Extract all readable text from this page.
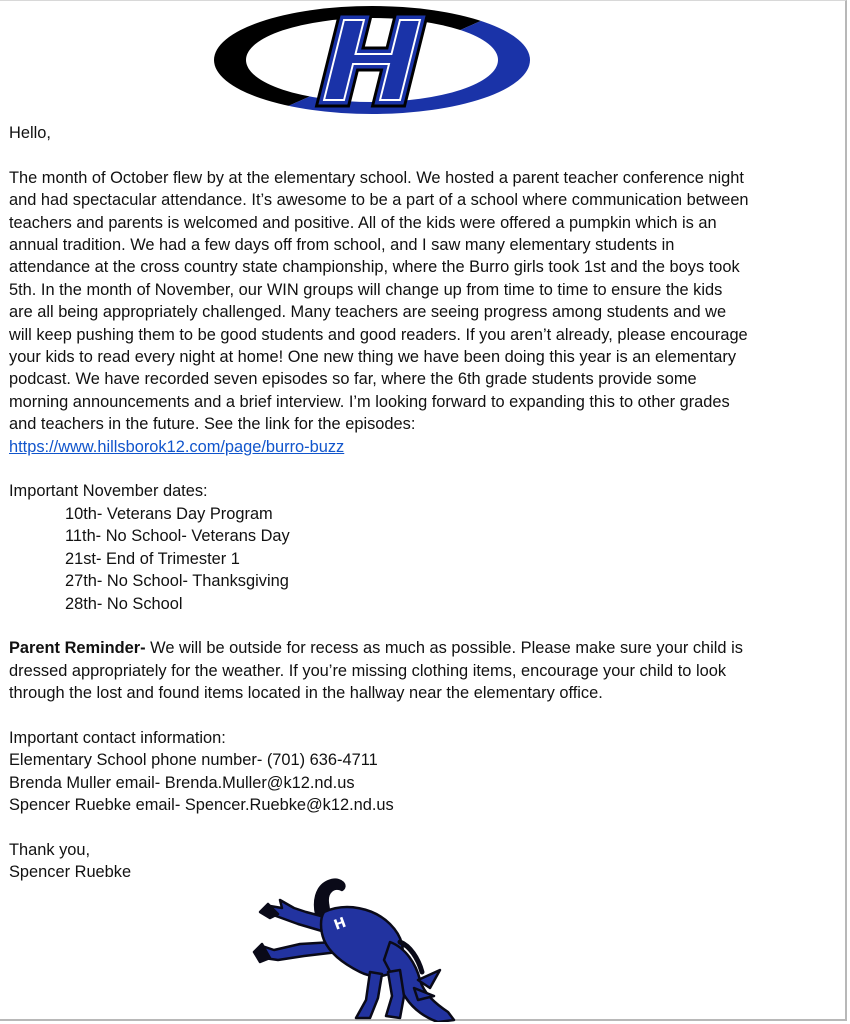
Hello,

The month of October flew by at the elementary school. We hosted a parent teacher conference night and had spectacular attendance. It’s awesome to be a part of a school where communication between teachers and parents is welcomed and positive. All of the kids were offered a pumpkin which is an annual tradition. We had a few days off from school, and I saw many elementary students in attendance at the cross country state championship, where the Burro girls took 1st and the boys took 5th. In the month of November, our WIN groups will change up from time to time to ensure the kids are all being appropriately challenged. Many teachers are seeing progress among students and we will keep pushing them to be good students and good readers. If you aren’t already, please encourage your kids to read every night at home! One new thing we have been doing this year is an elementary podcast. We have recorded seven episodes so far, where the 6th grade students provide some morning announcements and a brief interview. I’m looking forward to expanding this to other grades and teachers in the future. See the link for the episodes:
https://www.hillsborok12.com/page/burro-buzz

Important November dates:

10th- Veterans Day Program
11th- No School- Veterans Day
21st- End of Trimester 1
27th- No School- Thanksgiving
28th- No School

Parent Reminder- We will be outside for recess as much as possible. Please make sure your child is dressed appropriately for the weather. If you’re missing clothing items, encourage your child to look through the lost and found items located in the hallway near the elementary office.

Important contact information:

Elementary School phone number- (701) 636-4711

Brenda Muller email- Brenda.Muller@k12.nd.us

Spencer Ruebke email- Spencer.Ruebke@k12.nd.us

Thank you,

Spencer Ruebke

H
